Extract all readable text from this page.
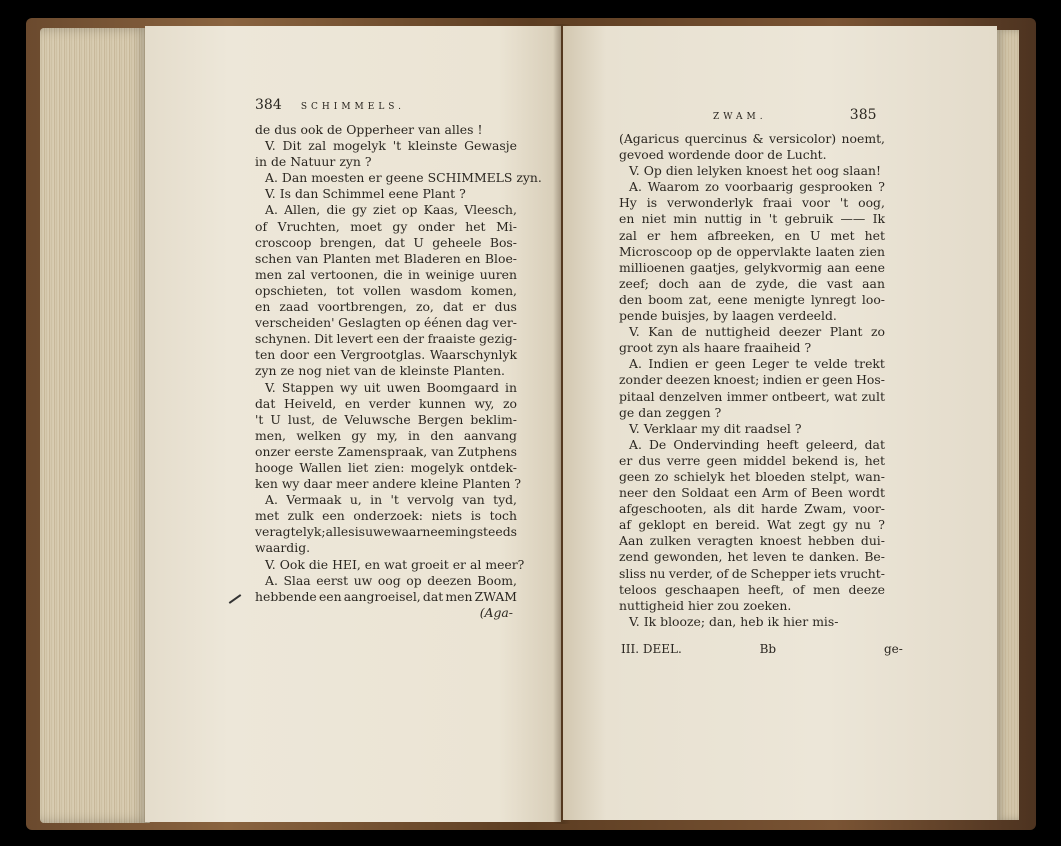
384 SCHIMMELS.
de dus ook de Opperheer van alles !
V. Dit zal mogelyk 't kleinste Gewasje
in de Natuur zyn ?
A. Dan moesten er geene SCHIMMELS zyn.
V. Is dan Schimmel eene Plant ?
A. Allen, die gy ziet op Kaas, Vleesch,
of Vruchten, moet gy onder het Mi-
croscoop brengen, dat U geheele Bos-
schen van Planten met Bladeren en Bloe-
men zal vertoonen, die in weinige uuren
opschieten, tot vollen wasdom komen,
en zaad voortbrengen, zo, dat er dus
verscheiden' Geslagten op éénen dag ver-
schynen. Dit levert een der fraaiste gezig-
ten door een Vergrootglas. Waarschynlyk
zyn ze nog niet van de kleinste Planten.
V. Stappen wy uit uwen Boomgaard in
dat Heiveld, en verder kunnen wy, zo
't U lust, de Veluwsche Bergen beklim-
men, welken gy my, in den aanvang
onzer eerste Zamenspraak, van Zutphens
hooge Wallen liet zien: mogelyk ontdek-
ken wy daar meer andere kleine Planten ?
A. Vermaak u, in 't vervolg van tyd,
met zulk een onderzoek: niets is toch
veragtelyk; alles is uwe waarneeming steeds
waardig.
V. Ook die HEI, en wat groeit er al meer?
A. Slaa eerst uw oog op deezen Boom,
hebbende een aangroeisel, dat men ZWAM
(Aga-
ZWAM.	385
(Agaricus quercinus & versicolor) noemt,
gevoed wordende door de Lucht.
V. Op dien lelyken knoest het oog slaan!
A. Waarom zo voorbaarig gesprooken ?
Hy is verwonderlyk fraai voor 't oog,
en niet min nuttig in 't gebruik —— Ik
zal er hem afbreeken, en U met het
Microscoop op de oppervlakte laaten zien
millioenen gaatjes, gelykvormig aan eene
zeef; doch aan de zyde, die vast aan
den boom zat, eene menigte lynregt loo-
pende buisjes, by laagen verdeeld.
V. Kan de nuttigheid deezer Plant zo
groot zyn als haare fraaiheid ?
A. Indien er geen Leger te velde trekt
zonder deezen knoest; indien er geen Hos-
pitaal denzelven immer ontbeert, wat zult
ge dan zeggen ?
V. Verklaar my dit raadsel ?
A. De Ondervinding heeft geleerd, dat
er dus verre geen middel bekend is, het
geen zo schielyk het bloeden stelpt, wan-
neer den Soldaat een Arm of Been wordt
afgeschooten, als dit harde Zwam, voor-
af geklopt en bereid. Wat zegt gy nu ?
Aan zulken veragten knoest hebben dui-
zend gewonden, het leven te danken. Be-
sliss nu verder, of de Schepper iets vrucht-
teloos geschaapen heeft, of men deeze
nuttigheid hier zou zoeken.
V. Ik blooze; dan, heb ik hier mis-
III. DEEL.	Bb	ge-
